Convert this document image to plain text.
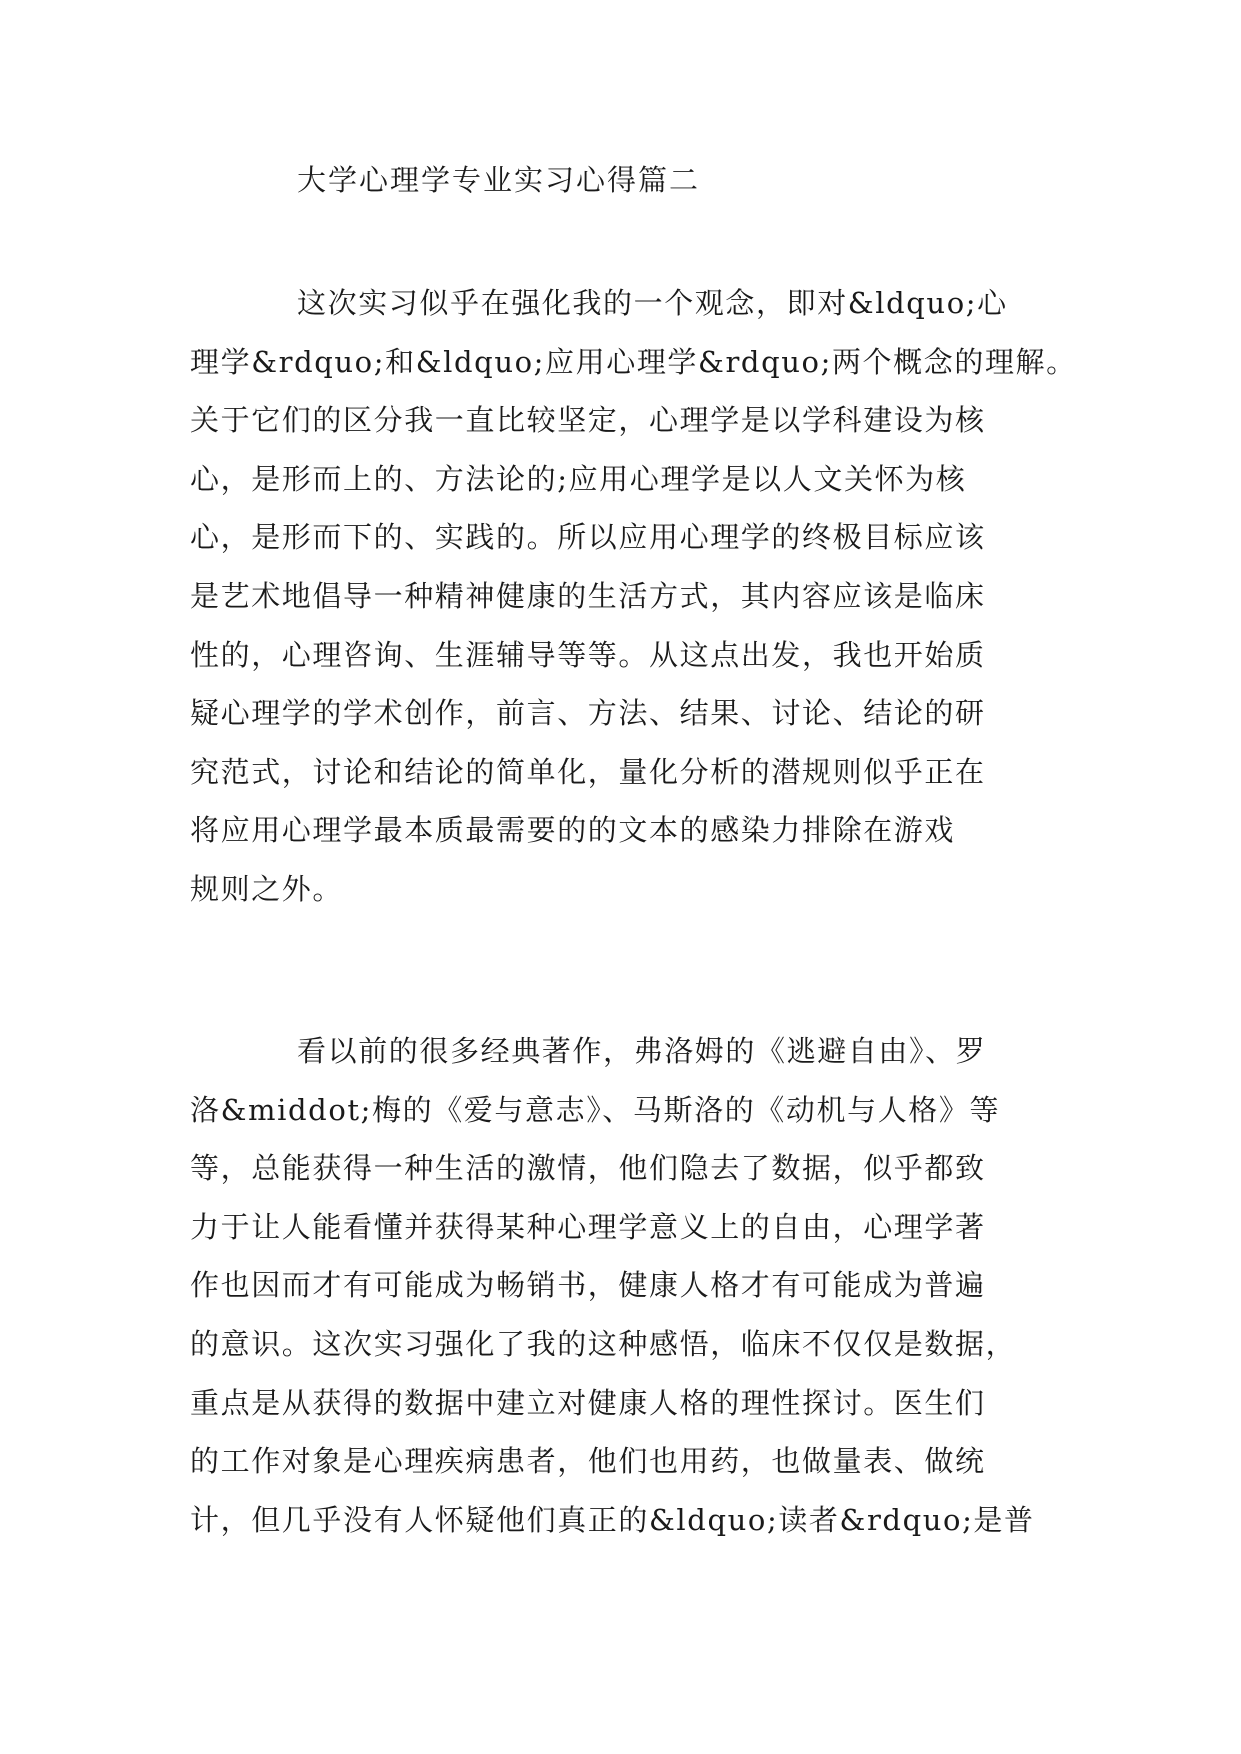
大学心理学专业实习心得篇二
这次实习似乎在强化我的一个观念，即对&ldquo;心
理学&rdquo;和&ldquo;应用心理学&rdquo;两个概念的理解。
关于它们的区分我一直比较坚定，心理学是以学科建设为核
心，是形而上的、方法论的;应用心理学是以人文关怀为核
心，是形而下的、实践的。所以应用心理学的终极目标应该
是艺术地倡导一种精神健康的生活方式，其内容应该是临床
性的，心理咨询、生涯辅导等等。从这点出发，我也开始质
疑心理学的学术创作，前言、方法、结果、讨论、结论的研
究范式，讨论和结论的简单化，量化分析的潜规则似乎正在
将应用心理学最本质最需要的的文本的感染力排除在游戏
规则之外。
看以前的很多经典著作，弗洛姆的《逃避自由》、罗
洛&middot;梅的《爱与意志》、马斯洛的《动机与人格》等
等，总能获得一种生活的激情，他们隐去了数据，似乎都致
力于让人能看懂并获得某种心理学意义上的自由，心理学著
作也因而才有可能成为畅销书，健康人格才有可能成为普遍
的意识。这次实习强化了我的这种感悟，临床不仅仅是数据，
重点是从获得的数据中建立对健康人格的理性探讨。医生们
的工作对象是心理疾病患者，他们也用药，也做量表、做统
计，但几乎没有人怀疑他们真正的&ldquo;读者&rdquo;是普
